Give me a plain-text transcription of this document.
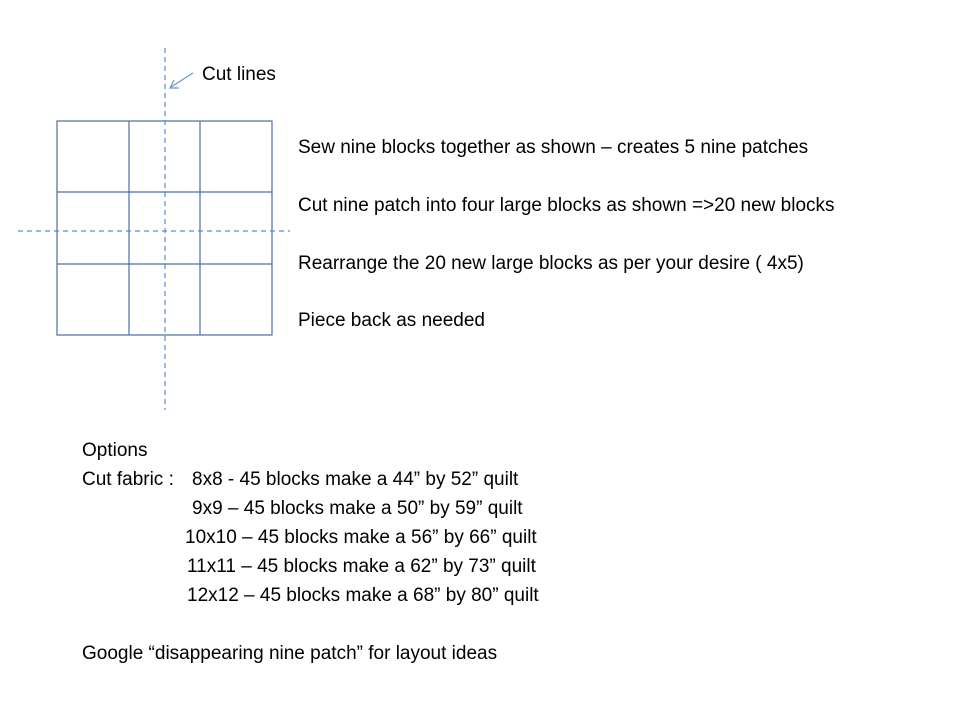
Cut lines
Sew nine blocks together as shown – creates 5 nine patches
Cut nine patch into four large blocks as shown =>20 new blocks
Rearrange the 20 new large blocks as per your desire ( 4x5)
Piece back as needed
Options
Cut fabric : 8x8 - 45 blocks make a 44” by 52” quilt
9x9 – 45 blocks make a 50” by 59” quilt
10x10 – 45 blocks make a 56” by 66” quilt
11x11 – 45 blocks make a 62” by 73” quilt
12x12 – 45 blocks make a 68” by 80” quilt
Google “disappearing nine patch” for layout ideas
